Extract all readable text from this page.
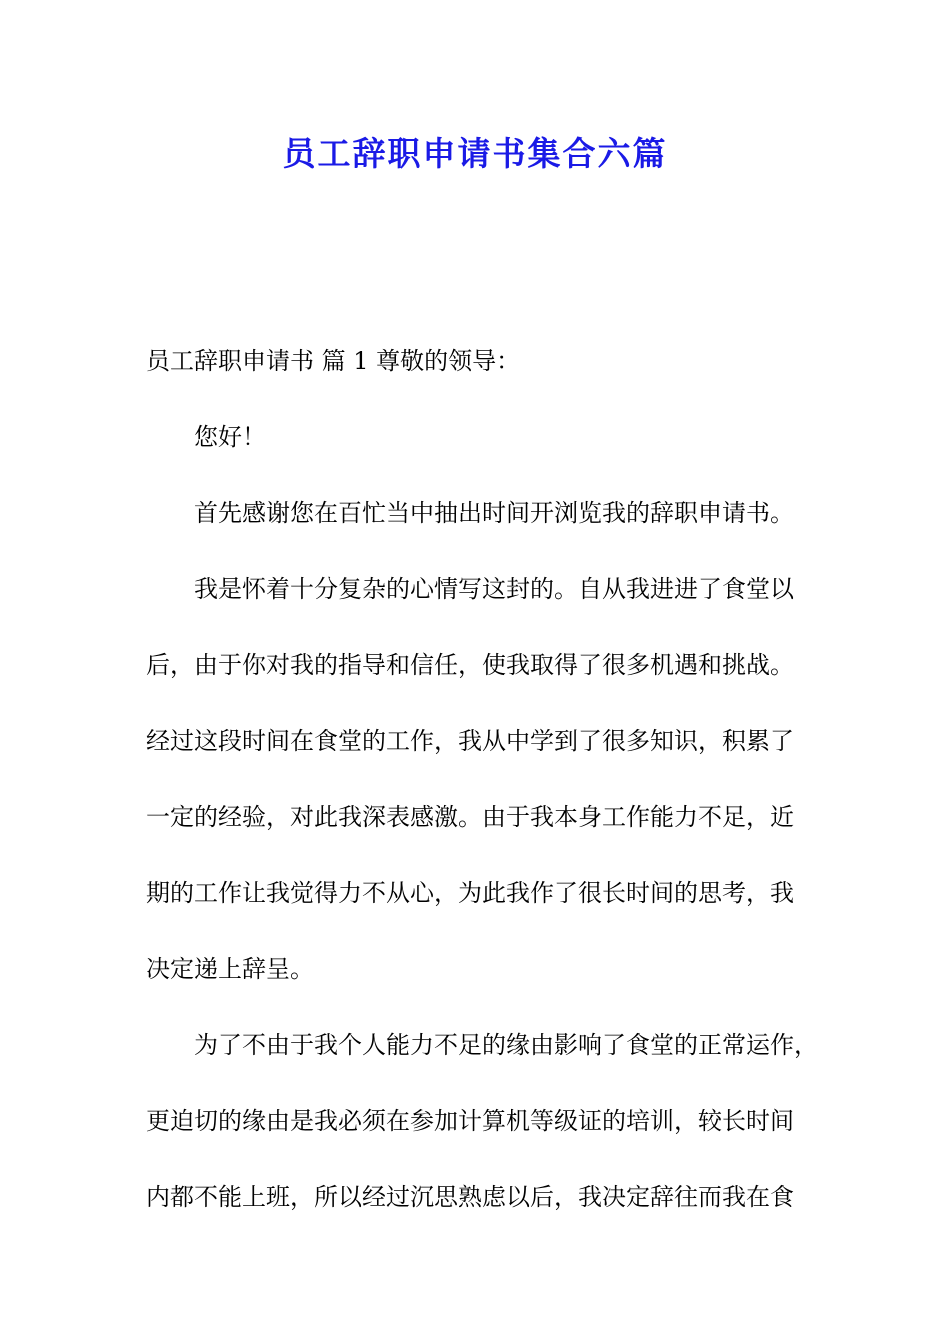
员工辞职申请书集合六篇
员工辞职申请书 篇 1 尊敬的领导：
您好！
首先感谢您在百忙当中抽出时间开浏览我的辞职申请书。
我是怀着十分复杂的心情写这封的。自从我进进了食堂以
后，由于你对我的指导和信任，使我取得了很多机遇和挑战。
经过这段时间在食堂的工作，我从中学到了很多知识，积累了
一定的经验，对此我深表感激。由于我本身工作能力不足，近
期的工作让我觉得力不从心，为此我作了很长时间的思考，我
决定递上辞呈。
为了不由于我个人能力不足的缘由影响了食堂的正常运作，
更迫切的缘由是我必须在参加计算机等级证的培训，较长时间
内都不能上班，所以经过沉思熟虑以后，我决定辞往而我在食
